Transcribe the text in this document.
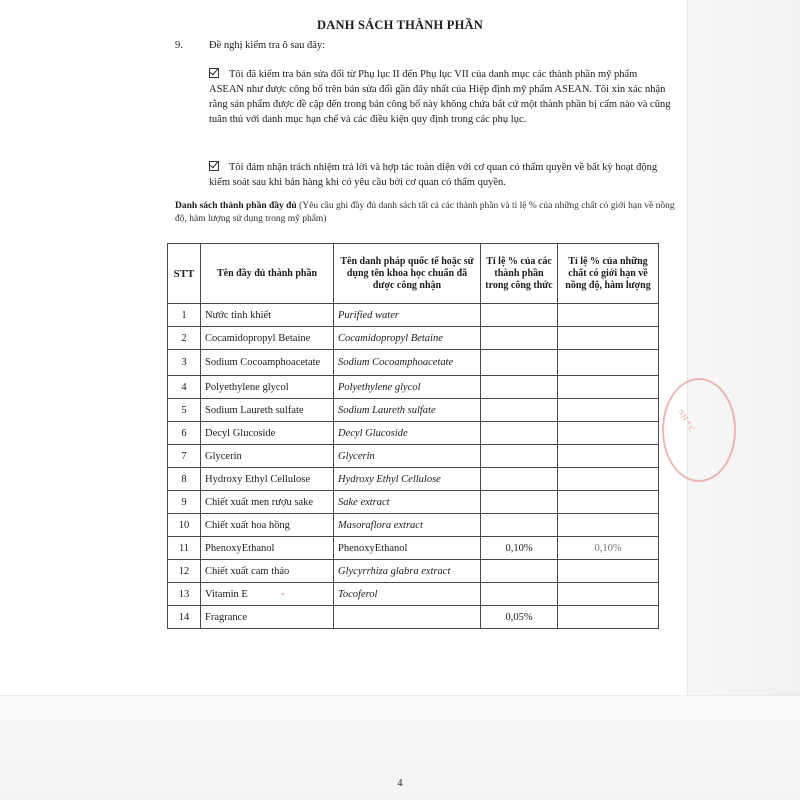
NH * C
DANH SÁCH THÀNH PHẦN
9. Đề nghị kiểm tra ô sau đây:
Tôi đã kiểm tra bản sửa đổi từ Phụ lục II đến Phụ lục VII của danh mục các thành phần mỹ phẩm ASEAN như được công bố trên bản sửa đổi gần đây nhất của Hiệp định mỹ phẩm ASEAN. Tôi xin xác nhận rằng sản phẩm được đề cập đến trong bản công bố này không chứa bất cứ một thành phần bị cấm nào và cũng tuân thủ với danh mục hạn chế và các điều kiện quy định trong các phụ lục.
Tôi đảm nhận trách nhiệm trả lời và hợp tác toàn diện với cơ quan có thẩm quyền về bất kỳ hoạt động kiểm soát sau khi bán hàng khi có yêu cầu bởi cơ quan có thẩm quyền.
Danh sách thành phần đầy đủ (Yêu cầu ghi đầy đủ danh sách tất cả các thành phần và tỉ lệ % của những chất có giới hạn về nồng độ, hàm lượng sử dụng trong mỹ phẩm)
STT	Tên đầy đủ thành phần	Tên danh pháp quốc tế hoặc sử dụng tên khoa học chuẩn đã được công nhận	Tỉ lệ % của các thành phần trong công thức	Tỉ lệ % của những chất có giới hạn về nồng độ, hàm lượng
1	Nước tinh khiết	Purified water		
2	Cocamidopropyl Betaine	Cocamidopropyl Betaine		
3	Sodium Cocoamphoacetate	Sodium Cocoamphoacetate		
4	Polyethylene glycol	Polyethylene glycol		
5	Sodium Laureth sulfate	Sodium Laureth sulfate		
6	Decyl Glucoside	Decyl Glucoside		
7	Glycerin	Glycerin		
8	Hydroxy Ethyl Cellulose	Hydroxy Ethyl Cellulose		
9	Chiết xuất men rượu sake	Sake extract		
10	Chiết xuất hoa hồng	Masoraflora extract		
11	PhenoxyEthanol	PhenoxyEthanol	0,10%	0,10%
12	Chiết xuất cam thảo	Glycyrrhiza glabra extract		
13	Vitamin E	Tocoferol		
14	Fragrance		0,05%	
'
4
